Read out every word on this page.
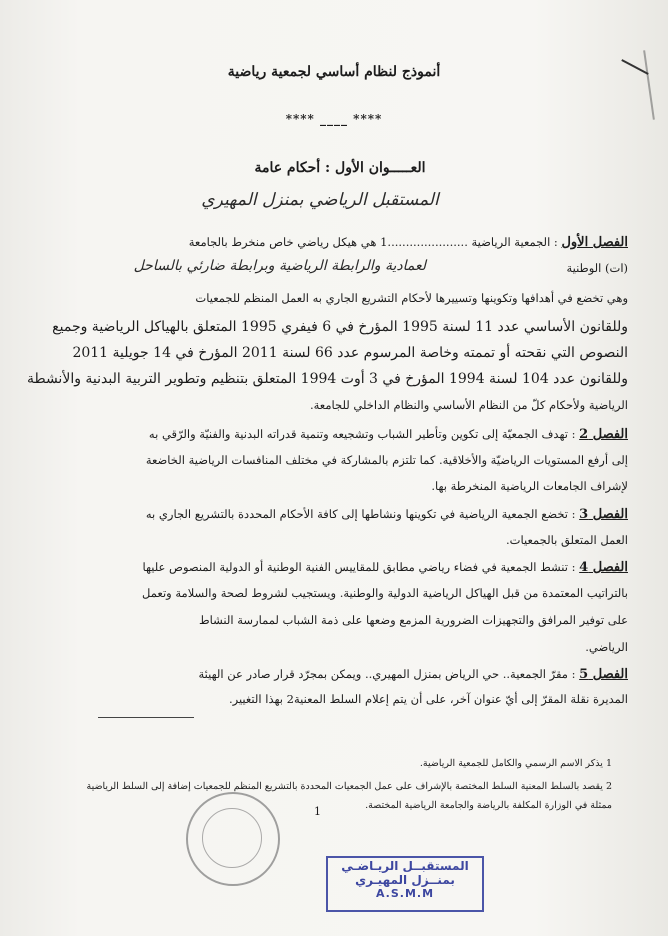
أنموذج لنظام أساسي لجمعية رياضية
**** ____ ****
العـــــوان الأول : أحكام عامة
المستقبل الرياضي بمنزل المهيري
الفصل الأول : الجمعية الرياضية ......................1 هي هيكل رياضي خاص منخرط بالجامعة
(ات) الوطنية
لعمادية والرابطة الرياضية وبرابطة ضارئي بالساحل
وهي تخضع في أهدافها وتكوينها وتسييرها لأحكام التشريع الجاري به العمل المنظم للجمعيات
وللقانون الأساسي عدد 11 لسنة 1995 المؤرخ في 6 فيفري 1995 المتعلق بالهياكل الرياضية وجميع
النصوص التي نقحته أو تممته وخاصة المرسوم عدد 66 لسنة 2011 المؤرخ في 14 جويلية 2011
وللقانون عدد 104 لسنة 1994 المؤرخ في 3 أوت 1994 المتعلق بتنظيم وتطوير التربية البدنية والأنشطة
الرياضية ولأحكام كلّ من النظام الأساسي والنظام الداخلي للجامعة.
الفصل 2 : تهدف الجمعيّة إلى تكوين وتأطير الشباب وتشجيعه وتنمية قدراته البدنية والفنيّة والرّقي به
إلى أرفع المستويات الرياضيّة والأخلاقية. كما تلتزم بالمشاركة في مختلف المنافسات الرياضية الخاضعة
لإشراف الجامعات الرياضية المنخرطة بها.
الفصل 3 : تخضع الجمعية الرياضية في تكوينها ونشاطها إلى كافة الأحكام المحددة بالتشريع الجاري به
العمل المتعلق بالجمعيات.
الفصل 4 : تنشط الجمعية في فضاء رياضي مطابق للمقاييس الفنية الوطنية أو الدولية المنصوص عليها
بالتراتيب المعتمدة من قبل الهياكل الرياضية الدولية والوطنية. ويستجيب لشروط لصحة والسلامة وتعمل
على توفير المرافق والتجهيزات الضرورية المزمع وضعها على ذمة الشباب لممارسة النشاط
الرياضي.
الفصل 5 : مقرّ الجمعية.. حي الرياض بمنزل المهيري.. ويمكن بمجرّد قرار صادر عن الهيئة
المديرة نقلة المقرّ إلى أيّ عنوان آخر، على أن يتم إعلام السلط المعنية2 بهذا التغيير.
1 يذكر الاسم الرسمي والكامل للجمعية الرياضية.
2 يقصد بالسلط المعنية السلط المختصة بالإشراف على عمل الجمعيات المحددة بالتشريع المنظم للجمعيات إضافة إلى السلط الرياضية
ممثلة في الوزارة المكلفة بالرياضة والجامعة الرياضية المختصة.
1
المستقبــل الريـاضـي
بمنــزل المهيـري
A.S.M.M
